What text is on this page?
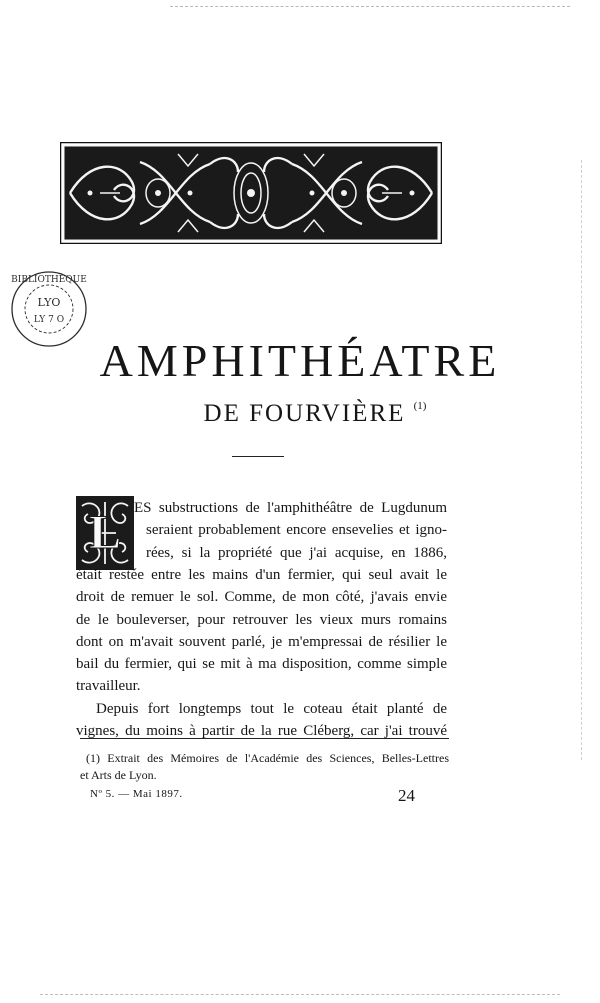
BIBLIOTHÈQUE
LYO
LY 7 O
AMPHITHÉATRE
DE FOURVIÈRE $^{(1)}$
L ES substructions de l'amphithéâtre de Lugdunum
seraient probablement encore ensevelies et igno-
rées, si la propriété que j'ai acquise, en 1886,
était restée entre les mains d'un fermier, qui seul avait le
droit de remuer le sol. Comme, de mon côté, j'avais envie
de le bouleverser, pour retrouver les vieux murs romains
dont on m'avait souvent parlé, je m'empressai de résilier le
bail du fermier, qui se mit à ma disposition, comme simple
travailleur.
Depuis fort longtemps tout le coteau était planté de
vignes, du moins à partir de la rue Cléberg, car j'ai trouvé
(1) Extrait des Mémoires de l'Académie des Sciences, Belles-Lettres
et Arts de Lyon.
Nº 5. — Mai 1897.	24
